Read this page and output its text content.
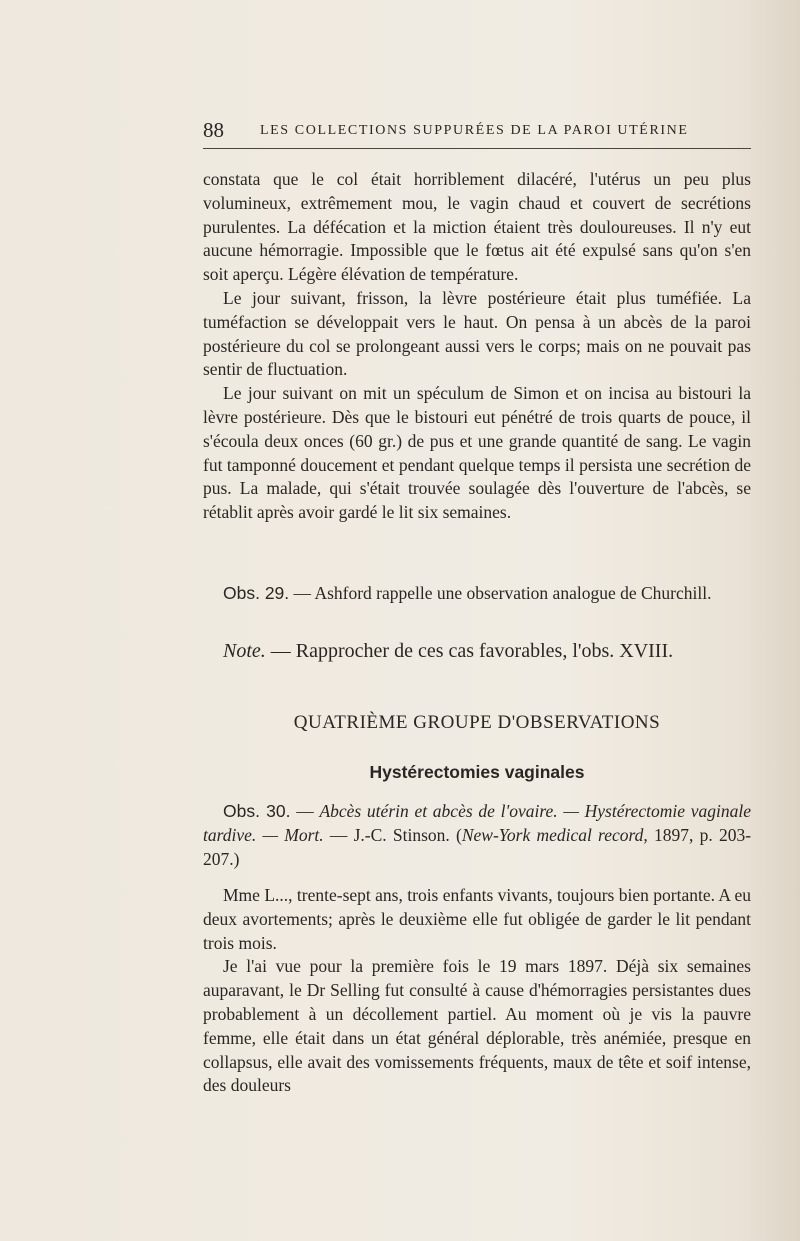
88	LES COLLECTIONS SUPPURÉES DE LA PAROI UTÉRINE

constata que le col était horriblement dilacéré, l'utérus un peu plus volumineux, extrêmement mou, le vagin chaud et couvert de secrétions purulentes. La défécation et la miction étaient très douloureuses. Il n'y eut aucune hémorragie. Impossible que le fœtus ait été expulsé sans qu'on s'en soit aperçu. Légère élévation de température.

Le jour suivant, frisson, la lèvre postérieure était plus tuméfiée. La tuméfaction se développait vers le haut. On pensa à un abcès de la paroi postérieure du col se prolongeant aussi vers le corps; mais on ne pouvait pas sentir de fluctuation.

Le jour suivant on mit un spéculum de Simon et on incisa au bistouri la lèvre postérieure. Dès que le bistouri eut pénétré de trois quarts de pouce, il s'écoula deux onces (60 gr.) de pus et une grande quantité de sang. Le vagin fut tamponné doucement et pendant quelque temps il persista une secrétion de pus. La malade, qui s'était trouvée soulagée dès l'ouverture de l'abcès, se rétablit après avoir gardé le lit six semaines.

Obs. 29. — Ashford rappelle une observation analogue de Churchill.

Note. — Rapprocher de ces cas favorables, l'obs. XVIII.

QUATRIÈME GROUPE D'OBSERVATIONS
Hystérectomies vaginales

Obs. 30. — Abcès utérin et abcès de l'ovaire. — Hystérectomie vaginale tardive. — Mort. — J.-C. Stinson. (New-York medical record, 1897, p. 203-207.)

Mme L..., trente-sept ans, trois enfants vivants, toujours bien portante. A eu deux avortements; après le deuxième elle fut obligée de garder le lit pendant trois mois.

Je l'ai vue pour la première fois le 19 mars 1897. Déjà six semaines auparavant, le Dr Selling fut consulté à cause d'hémorragies persistantes dues probablement à un décollement partiel. Au moment où je vis la pauvre femme, elle était dans un état général déplorable, très anémiée, presque en collapsus, elle avait des vomissements fréquents, maux de tête et soif intense, des douleurs
